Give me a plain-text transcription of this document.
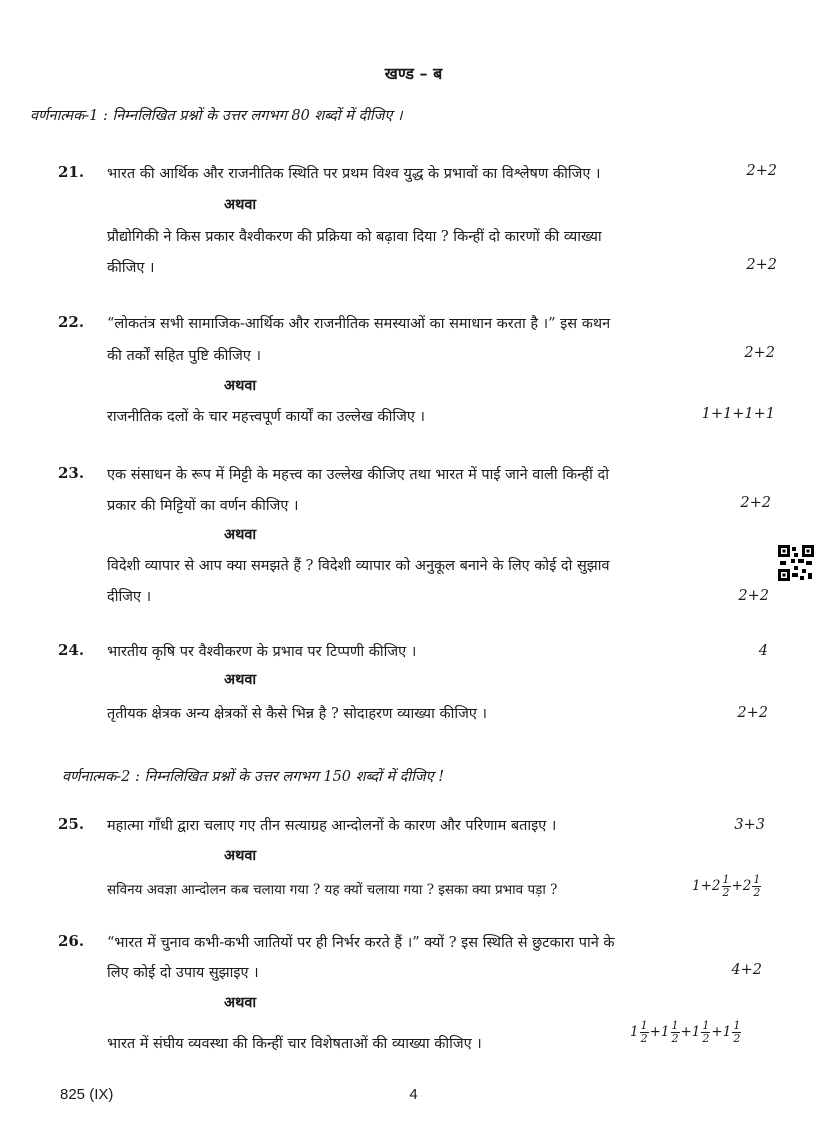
खण्ड – ब
वर्णनात्मक-1 : निम्नलिखित प्रश्नों के उत्तर लगभग 80 शब्दों में दीजिए ।
21. भारत की आर्थिक और राजनीतिक स्थिति पर प्रथम विश्व युद्ध के प्रभावों का विश्लेषण कीजिए ।	2+2
अथवा
प्रौद्योगिकी ने किस प्रकार वैश्वीकरण की प्रक्रिया को बढ़ावा दिया ? किन्हीं दो कारणों की व्याख्या
कीजिए ।	2+2
22. “लोकतंत्र सभी सामाजिक-आर्थिक और राजनीतिक समस्याओं का समाधान करता है ।” इस कथन
की तर्कों सहित पुष्टि कीजिए ।	2+2
अथवा
राजनीतिक दलों के चार महत्त्वपूर्ण कार्यों का उल्लेख कीजिए ।	1+1+1+1
23. एक संसाधन के रूप में मिट्टी के महत्त्व का उल्लेख कीजिए तथा भारत में पाई जाने वाली किन्हीं दो
प्रकार की मिट्टियों का वर्णन कीजिए ।	2+2
अथवा
विदेशी व्यापार से आप क्या समझते हैं ? विदेशी व्यापार को अनुकूल बनाने के लिए कोई दो सुझाव
दीजिए ।	2+2
24. भारतीय कृषि पर वैश्वीकरण के प्रभाव पर टिप्पणी कीजिए ।	4
अथवा
तृतीयक क्षेत्रक अन्य क्षेत्रकों से कैसे भिन्न है ? सोदाहरण व्याख्या कीजिए ।	2+2
वर्णनात्मक-2 : निम्नलिखित प्रश्नों के उत्तर लगभग 150 शब्दों में दीजिए !
25. महात्मा गाँधी द्वारा चलाए गए तीन सत्याग्रह आन्दोलनों के कारण और परिणाम बताइए ।	3+3
अथवा
सविनय अवज्ञा आन्दोलन कब चलाया गया ? यह क्यों चलाया गया ? इसका क्या प्रभाव पड़ा ?	$1+2 \frac{1}{2} +2 \frac{1}{2}$
26. “भारत में चुनाव कभी-कभी जातियों पर ही निर्भर करते हैं ।” क्यों ? इस स्थिति से छुटकारा पाने के
लिए कोई दो उपाय सुझाइए ।	4+2
अथवा
भारत में संघीय व्यवस्था की किन्हीं चार विशेषताओं की व्याख्या कीजिए ।
$1 \frac{1}{2} +1 \frac{1}{2} +1 \frac{1}{2} +1 \frac{1}{2}$
825 (IX)	4
